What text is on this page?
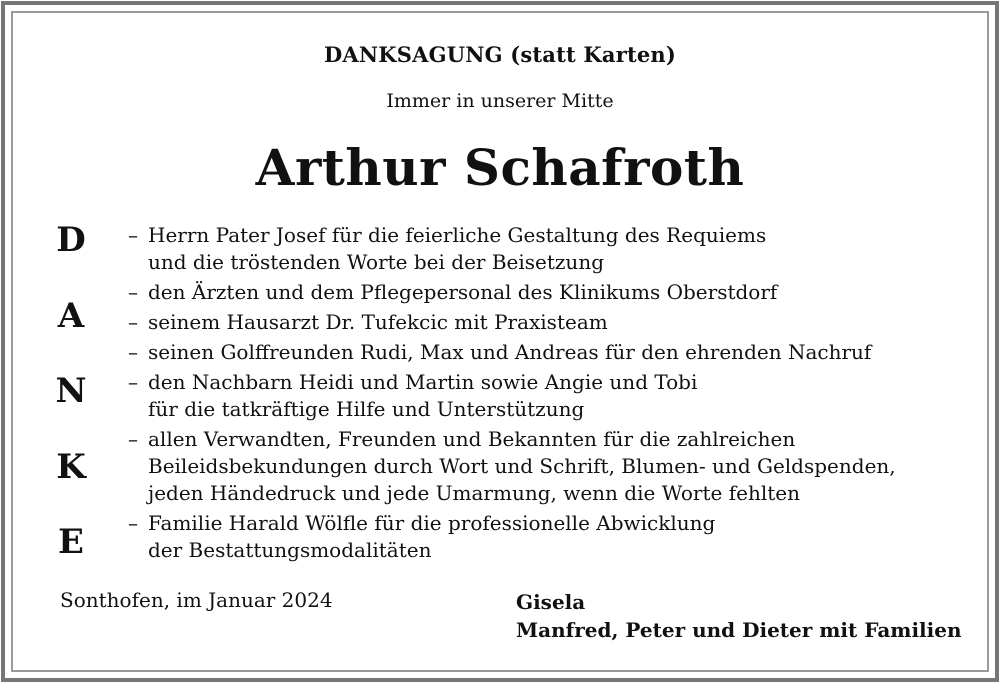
DANKSAGUNG (statt Karten)
Immer in unserer Mitte
Arthur Schafroth
D
A
N
K
E
– Herrn Pater Josef für die feierliche Gestaltung des Requiems
und die tröstenden Worte bei der Beisetzung
– den Ärzten und dem Pflegepersonal des Klinikums Oberstdorf
– seinem Hausarzt Dr. Tufekcic mit Praxisteam
– seinen Golffreunden Rudi, Max und Andreas für den ehrenden Nachruf
– den Nachbarn Heidi und Martin sowie Angie und Tobi
für die tatkräftige Hilfe und Unterstützung
– allen Verwandten, Freunden und Bekannten für die zahlreichen
Beileidsbekundungen durch Wort und Schrift, Blumen- und Geldspenden,
jeden Händedruck und jede Umarmung, wenn die Worte fehlten
– Familie Harald Wölfle für die professionelle Abwicklung
der Bestattungsmodalitäten
Sonthofen, im Januar 2024	Gisela
Manfred, Peter und Dieter mit Familien
